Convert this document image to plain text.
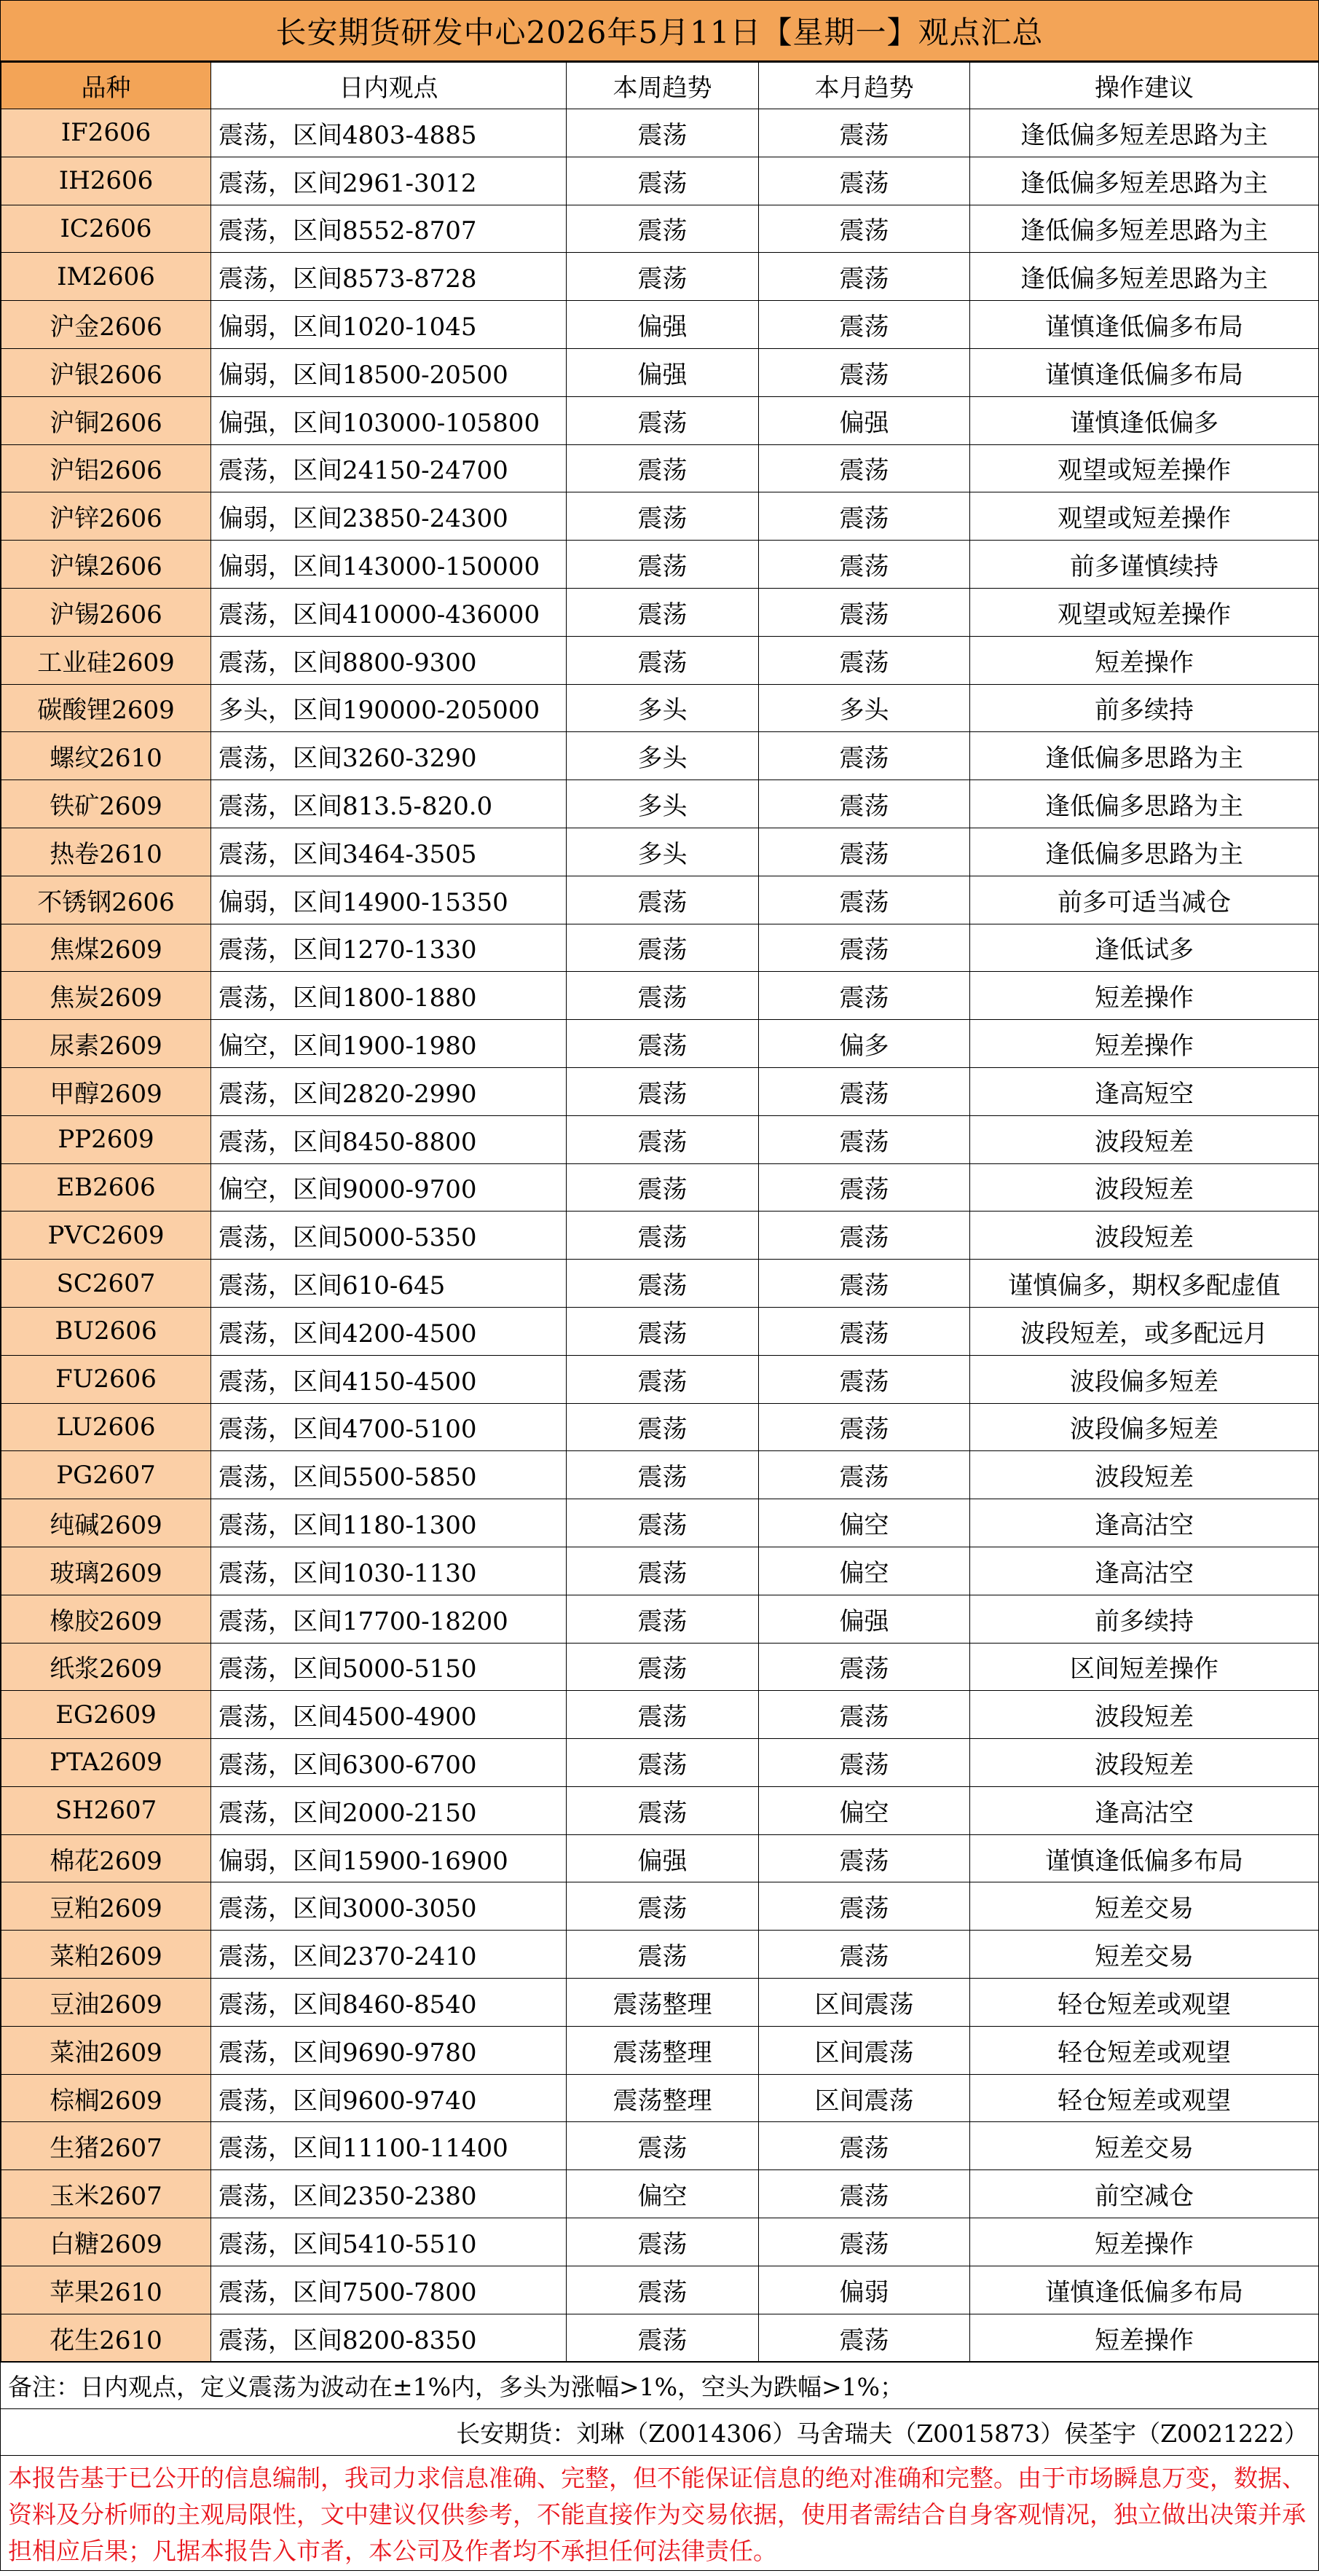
长安期货研发中心2026年5月11日【星期一】观点汇总
品种	日内观点	本周趋势	本月趋势	操作建议
IF2606	震荡，区间4803-4885	震荡	震荡	逢低偏多短差思路为主
IH2606	震荡，区间2961-3012	震荡	震荡	逢低偏多短差思路为主
IC2606	震荡，区间8552-8707	震荡	震荡	逢低偏多短差思路为主
IM2606	震荡，区间8573-8728	震荡	震荡	逢低偏多短差思路为主
沪金2606	偏弱，区间1020-1045	偏强	震荡	谨慎逢低偏多布局
沪银2606	偏弱，区间18500-20500	偏强	震荡	谨慎逢低偏多布局
沪铜2606	偏强，区间103000-105800	震荡	偏强	谨慎逢低偏多
沪铝2606	震荡，区间24150-24700	震荡	震荡	观望或短差操作
沪锌2606	偏弱，区间23850-24300	震荡	震荡	观望或短差操作
沪镍2606	偏弱，区间143000-150000	震荡	震荡	前多谨慎续持
沪锡2606	震荡，区间410000-436000	震荡	震荡	观望或短差操作
工业硅2609	震荡，区间8800-9300	震荡	震荡	短差操作
碳酸锂2609	多头，区间190000-205000	多头	多头	前多续持
螺纹2610	震荡，区间3260-3290	多头	震荡	逢低偏多思路为主
铁矿2609	震荡，区间813.5-820.0	多头	震荡	逢低偏多思路为主
热卷2610	震荡，区间3464-3505	多头	震荡	逢低偏多思路为主
不锈钢2606	偏弱，区间14900-15350	震荡	震荡	前多可适当减仓
焦煤2609	震荡，区间1270-1330	震荡	震荡	逢低试多
焦炭2609	震荡，区间1800-1880	震荡	震荡	短差操作
尿素2609	偏空，区间1900-1980	震荡	偏多	短差操作
甲醇2609	震荡，区间2820-2990	震荡	震荡	逢高短空
PP2609	震荡，区间8450-8800	震荡	震荡	波段短差
EB2606	偏空，区间9000-9700	震荡	震荡	波段短差
PVC2609	震荡，区间5000-5350	震荡	震荡	波段短差
SC2607	震荡，区间610-645	震荡	震荡	谨慎偏多，期权多配虚值
BU2606	震荡，区间4200-4500	震荡	震荡	波段短差，或多配远月
FU2606	震荡，区间4150-4500	震荡	震荡	波段偏多短差
LU2606	震荡，区间4700-5100	震荡	震荡	波段偏多短差
PG2607	震荡，区间5500-5850	震荡	震荡	波段短差
纯碱2609	震荡，区间1180-1300	震荡	偏空	逢高沽空
玻璃2609	震荡，区间1030-1130	震荡	偏空	逢高沽空
橡胶2609	震荡，区间17700-18200	震荡	偏强	前多续持
纸浆2609	震荡，区间5000-5150	震荡	震荡	区间短差操作
EG2609	震荡，区间4500-4900	震荡	震荡	波段短差
PTA2609	震荡，区间6300-6700	震荡	震荡	波段短差
SH2607	震荡，区间2000-2150	震荡	偏空	逢高沽空
棉花2609	偏弱，区间15900-16900	偏强	震荡	谨慎逢低偏多布局
豆粕2609	震荡，区间3000-3050	震荡	震荡	短差交易
菜粕2609	震荡，区间2370-2410	震荡	震荡	短差交易
豆油2609	震荡，区间8460-8540	震荡整理	区间震荡	轻仓短差或观望
菜油2609	震荡，区间9690-9780	震荡整理	区间震荡	轻仓短差或观望
棕榈2609	震荡，区间9600-9740	震荡整理	区间震荡	轻仓短差或观望
生猪2607	震荡，区间11100-11400	震荡	震荡	短差交易
玉米2607	震荡，区间2350-2380	偏空	震荡	前空减仓
白糖2609	震荡，区间5410-5510	震荡	震荡	短差操作
苹果2610	震荡，区间7500-7800	震荡	偏弱	谨慎逢低偏多布局
花生2610	震荡，区间8200-8350	震荡	震荡	短差操作
备注：日内观点，定义震荡为波动在±1%内，多头为涨幅>1%，空头为跌幅>1%；
长安期货：刘琳（Z0014306）马舍瑞夫（Z0015873）侯荃宇（Z0021222）
本报告基于已公开的信息编制，我司力求信息准确、完整，但不能保证信息的绝对准确和完整。由于市场瞬息万变，数据、资料及分析师的主观局限性，文中建议仅供参考，不能直接作为交易依据，使用者需结合自身客观情况，独立做出决策并承担相应后果；凡据本报告入市者，本公司及作者均不承担任何法律责任。
